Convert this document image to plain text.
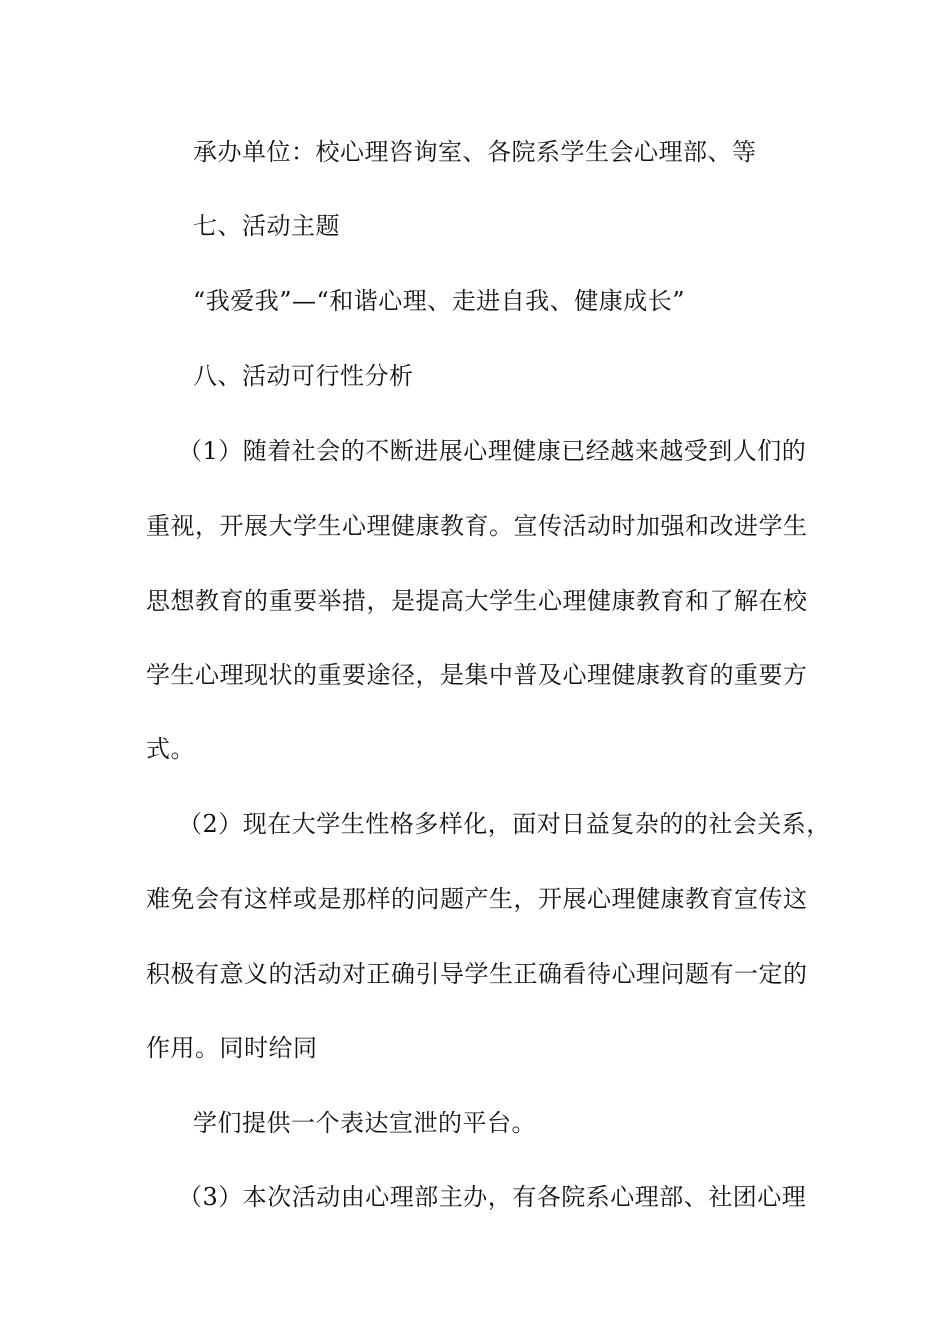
承办单位：校心理咨询室、各院系学生会心理部、等
七、活动主题
“我爱我”—“和谐心理、走进自我、健康成长”
八、活动可行性分析
（1）随着社会的不断进展心理健康已经越来越受到人们的
重视，开展大学生心理健康教育。宣传活动时加强和改进学生
思想教育的重要举措，是提高大学生心理健康教育和了解在校
学生心理现状的重要途径，是集中普及心理健康教育的重要方
式。
（2）现在大学生性格多样化，面对日益复杂的的社会关系，
难免会有这样或是那样的问题产生，开展心理健康教育宣传这
积极有意义的活动对正确引导学生正确看待心理问题有一定的
作用。同时给同
学们提供一个表达宣泄的平台。
（3）本次活动由心理部主办，有各院系心理部、社团心理
